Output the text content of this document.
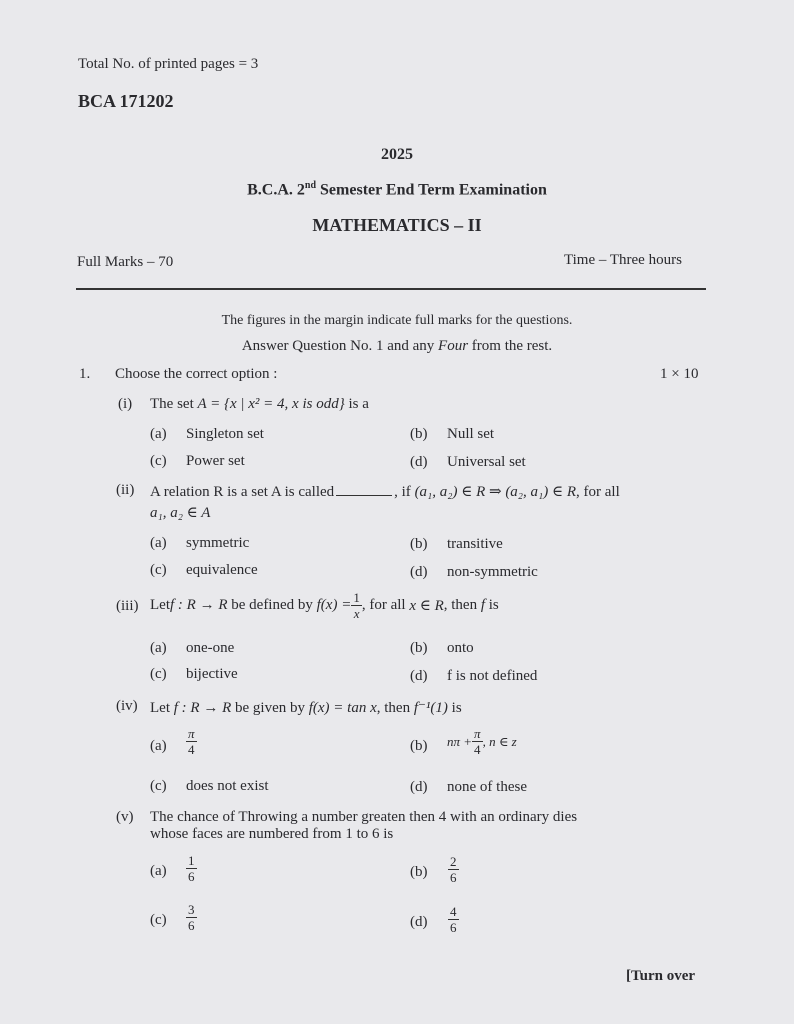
Total No. of printed pages = 3
BCA 171202
2025
B.C.A. 2nd Semester End Term Examination
MATHEMATICS – II
Full Marks – 70	Time – Three hours
The figures in the margin indicate full marks for the questions.
Answer Question No. 1 and any Four from the rest.
1. Choose the correct option :	1 × 10
(i) The set A = {x | x² = 4, x is odd} is a
(a) Singleton set	(b) Null set
(c) Power set	(d) Universal set
(ii) A relation R is a set A is called	, if (a₁, a₂) ∈ R ⇒ (a₂, a₁) ∈ R, for all
a₁, a₂ ∈ A
(a) symmetric	(b) transitive
(c) equivalence	(d) non-symmetric
(iii) Let f : R → R be defined by $f(x) = \frac{1}{x}$ , for all x ∈ R , then f is
(a) one-one	(b) onto
(c) bijective	(d) f is not defined
(iv) Let f : R → R be given by f(x) = tan x, then f⁻¹(1) is
$(a) \frac{\pi}{4}$	(b) $n\pi + \frac{\pi}{4}$ , n ∈ z
(c) does not exist	(d) none of these
(v) The chance of Throwing a number greaten then 4 with an ordinary dies
whose faces are numbered from 1 to 6 is
$(a) \frac{1}{6}$	$(b) \frac{2}{6}$
$(c) \frac{3}{6}$	$(d) \frac{4}{6}$
[Turn over
